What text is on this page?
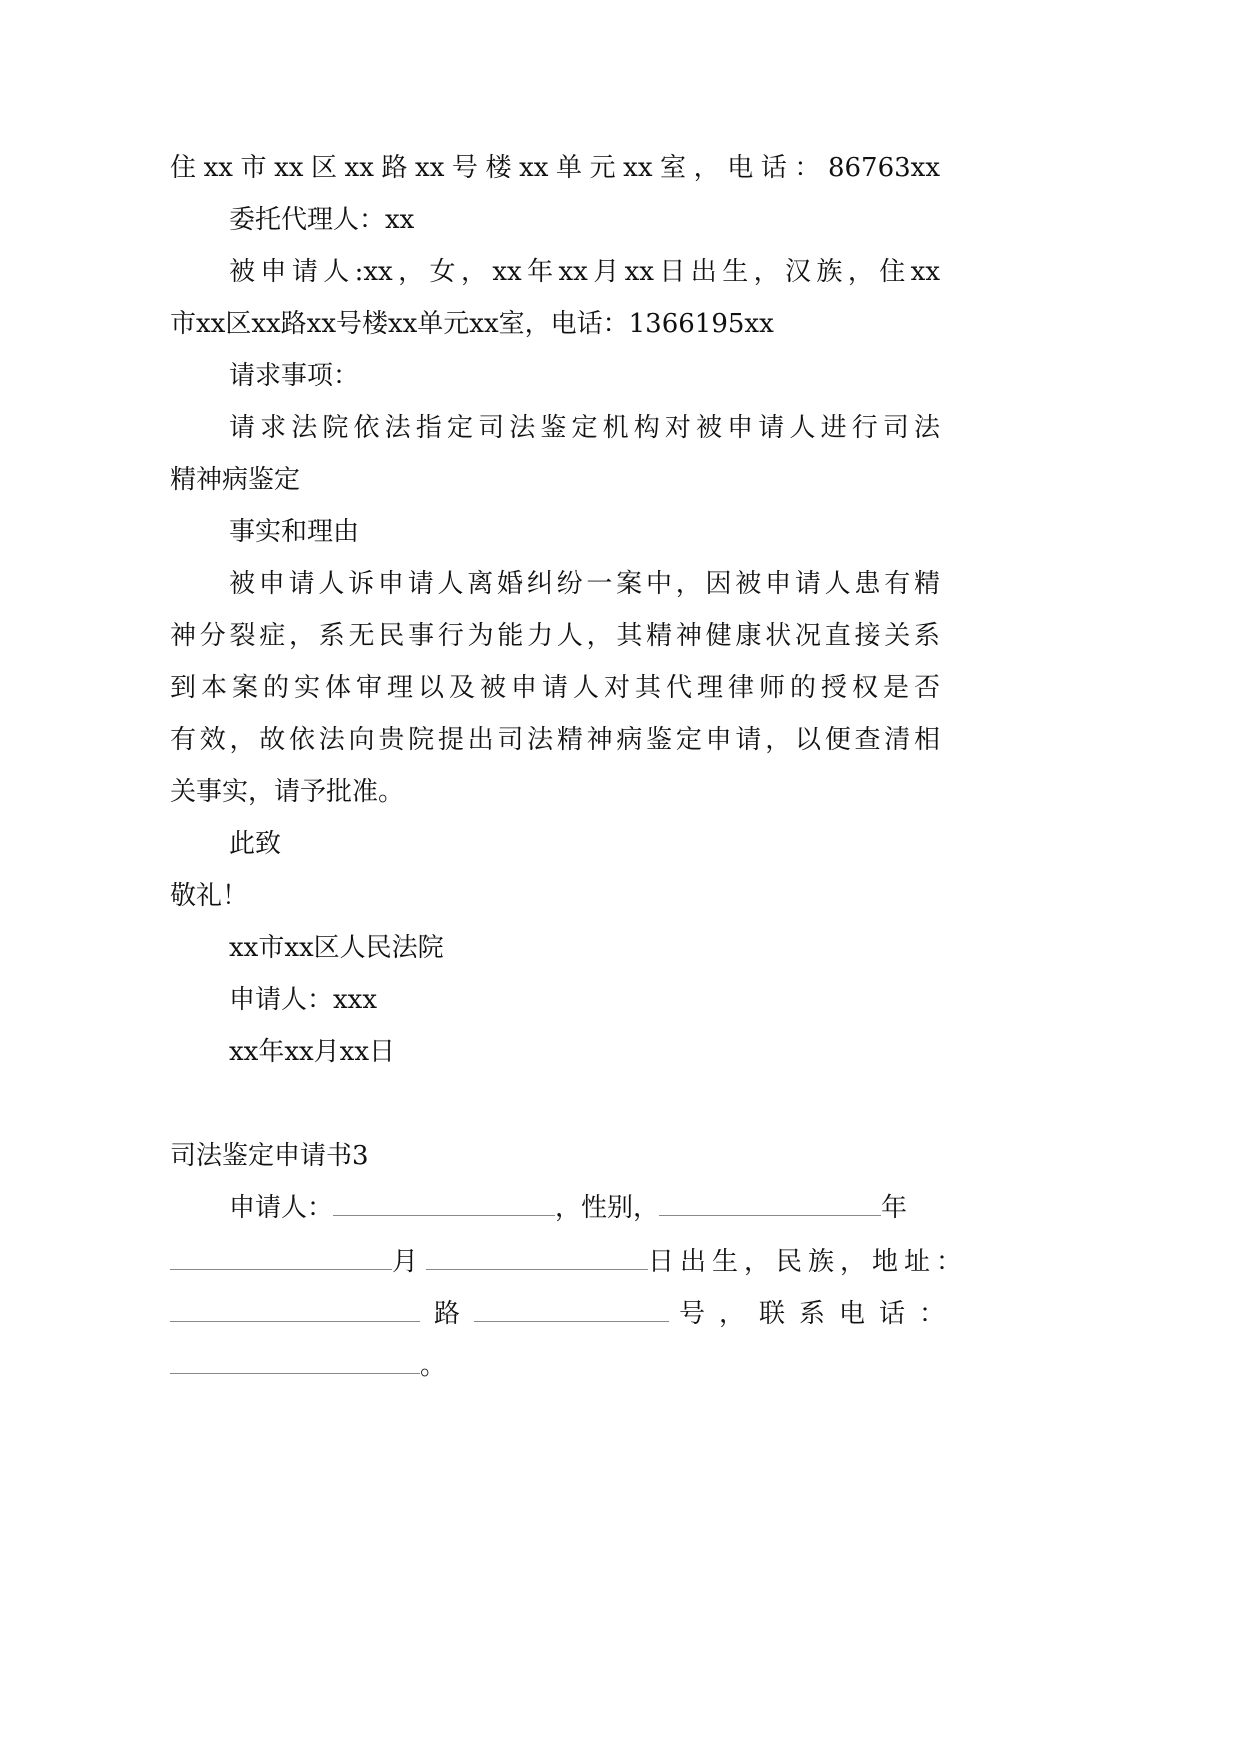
住xx市xx区xx路xx号楼xx单元xx室，电话：86763xx
委托代理人：xx
被申请人:xx，女，xx年xx月xx日出生，汉族，住xx
市xx区xx路xx号楼xx单元xx室，电话：1366195xx
请求事项：
请求法院依法指定司法鉴定机构对被申请人进行司法
精神病鉴定
事实和理由
被申请人诉申请人离婚纠纷一案中，因被申请人患有精
神分裂症，系无民事行为能力人，其精神健康状况直接关系
到本案的实体审理以及被申请人对其代理律师的授权是否
有效，故依法向贵院提出司法精神病鉴定申请，以便查清相
关事实，请予批准。
此致
敬礼！
xx市xx区人民法院
申请人：xxx
xx年xx月xx日
司法鉴定申请书3
申请人：	，性别，	年
月	日出生，民族，地址：
路	号，联系电话：
。
